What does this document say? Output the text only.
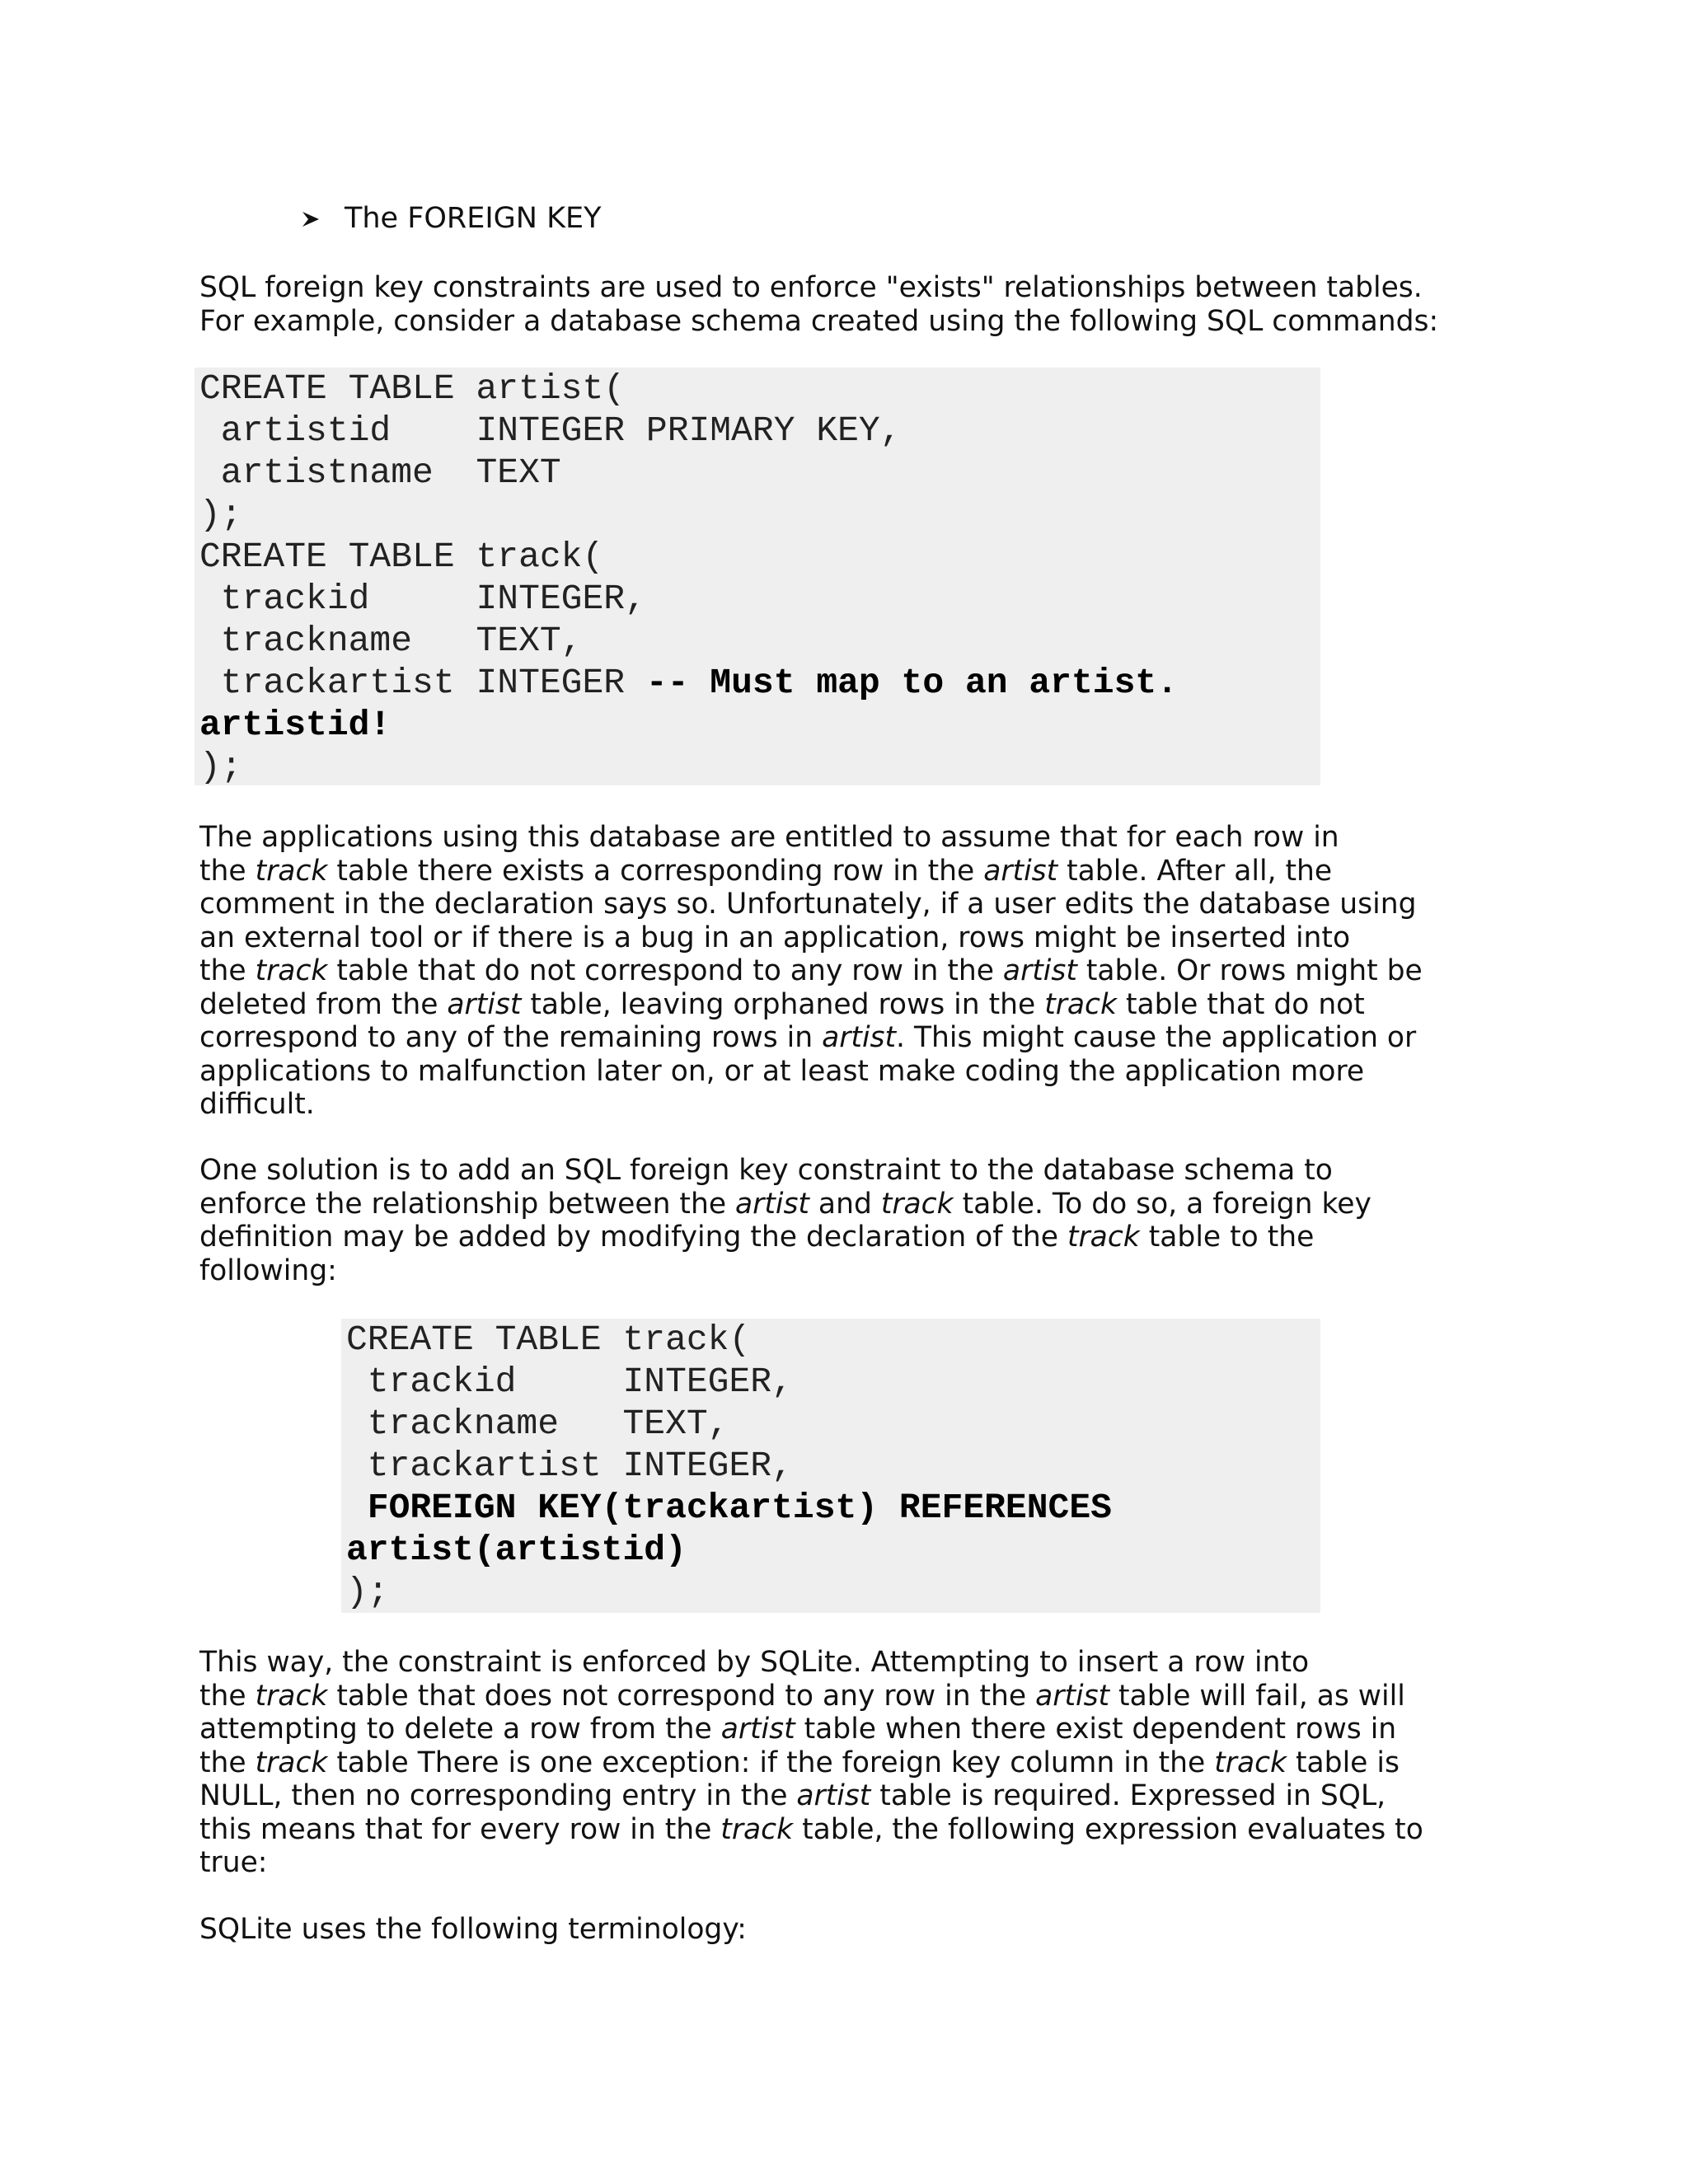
The FOREIGN KEY
SQL foreign key constraints are used to enforce "exists" relationships between tables.
For example, consider a database schema created using the following SQL commands:
CREATE TABLE artist(
artistid    INTEGER PRIMARY KEY,
artistname  TEXT
);
CREATE TABLE track(
trackid     INTEGER,
trackname   TEXT,
trackartist INTEGER -- Must map to an artist.
artistid!
);
The applications using this database are entitled to assume that for each row in
the track table there exists a corresponding row in the artist table. After all, the
comment in the declaration says so. Unfortunately, if a user edits the database using
an external tool or if there is a bug in an application, rows might be inserted into
the track table that do not correspond to any row in the artist table. Or rows might be
deleted from the artist table, leaving orphaned rows in the track table that do not
correspond to any of the remaining rows in artist. This might cause the application or
applications to malfunction later on, or at least make coding the application more
difficult.
One solution is to add an SQL foreign key constraint to the database schema to
enforce the relationship between the artist and track table. To do so, a foreign key
definition may be added by modifying the declaration of the track table to the
following:
CREATE TABLE track(
trackid     INTEGER,
trackname   TEXT,
trackartist INTEGER,
FOREIGN KEY(trackartist) REFERENCES
artist(artistid)
);
This way, the constraint is enforced by SQLite. Attempting to insert a row into
the track table that does not correspond to any row in the artist table will fail, as will
attempting to delete a row from the artist table when there exist dependent rows in
the track table There is one exception: if the foreign key column in the track table is
NULL, then no corresponding entry in the artist table is required. Expressed in SQL,
this means that for every row in the track table, the following expression evaluates to
true:
SQLite uses the following terminology:
